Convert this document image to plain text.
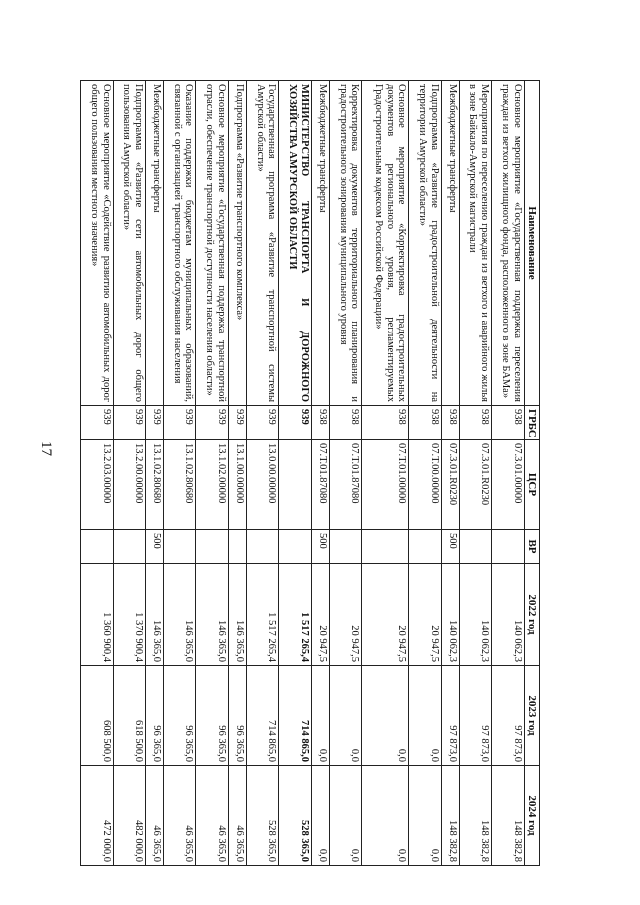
17
Наименование	ГРБС	ЦСР	ВР	2022 год	2023 год	2024 год
Основное мероприятие «Государственная поддержка переселения граждан из ветхого жилищного фонда, расположенного в зоне БАМа»	938	07.3.01.00000		140 062,3	97 873,0	148 382,8
Мероприятия по переселению граждан из ветхого и аварийного жилья в зоне Байкало-Амурской магистрали	938	07.3.01.R0230		140 062,3	97 873,0	148 382,8
Межбюджетные трансферты	938	07.3.01.R0230	500	140 062,3	97 873,0	148 382,8
Подпрограмма «Развитие градостроительной деятельности на территории Амурской области»	938	07.Т.00.00000		20 947,5	0,0	0,0
Основное мероприятие «Корректировка градостроительных документов регионального уровня, регламентируемых Градостроительным кодексом Российской Федерации»	938	07.Т.01.00000		20 947,5	0,0	0,0
Корректировка документов территориального планирования и градостроительного зонирования муниципального уровня	938	07.Т.01.87080		20 947,5	0,0	0,0
Межбюджетные трансферты	938	07.Т.01.87080	500	20 947,5	0,0	0,0
МИНИСТЕРСТВО ТРАНСПОРТА И ДОРОЖНОГО ХОЗЯЙСТВА АМУРСКОЙ ОБЛАСТИ	939			1 517 265,4	714 865,0	528 365,0
Государственная программа «Развитие транспортной системы Амурской области»	939	13.0.00.00000		1 517 265,4	714 865,0	528 365,0
Подпрограмма «Развитие транспортного комплекса»	939	13.1.00.00000		146 365,0	96 365,0	46 365,0
Основное мероприятие «Государственная поддержка транспортной отрасли, обеспечение транспортной доступности населения области»	939	13.1.02.00000		146 365,0	96 365,0	46 365,0
Оказание поддержки бюджетам муниципальных образований, связанной с организацией транспортного обслуживания населения	939	13.1.02.80680		146 365,0	96 365,0	46 365,0
Межбюджетные трансферты	939	13.1.02.80680	500	146 365,0	96 365,0	46 365,0
Подпрограмма «Развитие сети автомобильных дорог общего пользования Амурской области»	939	13.2.00.00000		1 370 900,4	618 500,0	482 000,0
Основное мероприятие «Содействие развитию автомобильных дорог общего пользования местного значения»	939	13.2.03.00000		1 360 900,4	608 500,0	472 000,0
